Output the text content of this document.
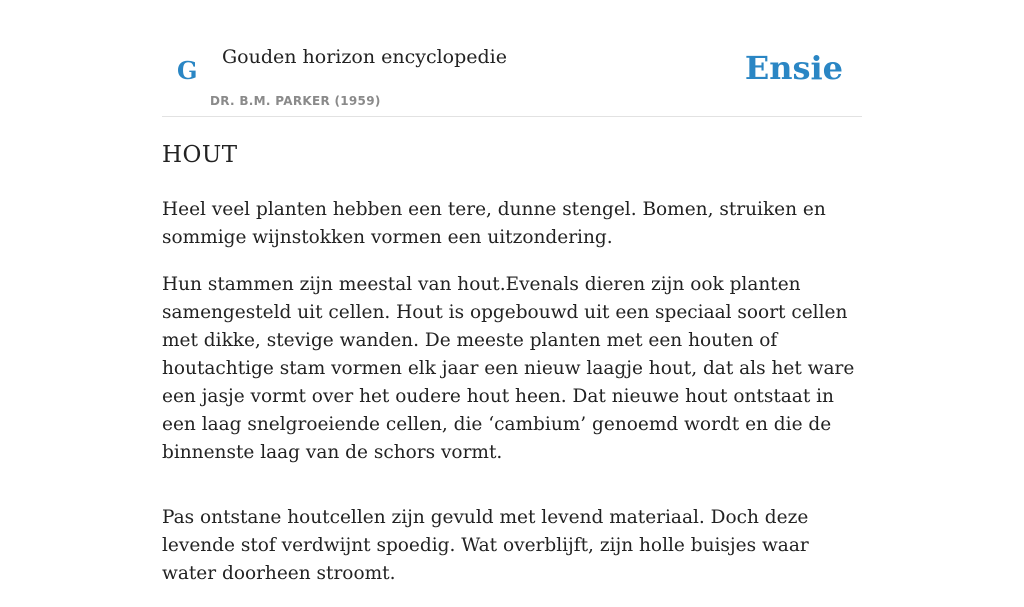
G Gouden horizon encyclopedie
DR. B.M. PARKER (1959)
Ensie
HOUT

Heel veel planten hebben een tere, dunne stengel. Bomen, struiken en sommige wijnstokken vormen een uitzondering.

Hun stammen zijn meestal van hout.Evenals dieren zijn ook planten samengesteld uit cellen. Hout is opgebouwd uit een speciaal soort cellen met dikke, stevige wanden. De meeste planten met een houten of houtachtige stam vormen elk jaar een nieuw laagje hout, dat als het ware een jasje vormt over het oudere hout heen. Dat nieuwe hout ontstaat in een laag snelgroeiende cellen, die ‘cambium’ genoemd wordt en die de binnenste laag van de schors vormt.

Pas ontstane houtcellen zijn gevuld met levend materiaal. Doch deze levende stof verdwijnt spoedig. Wat overblijft, zijn holle buisjes waar water doorheen stroomt.
